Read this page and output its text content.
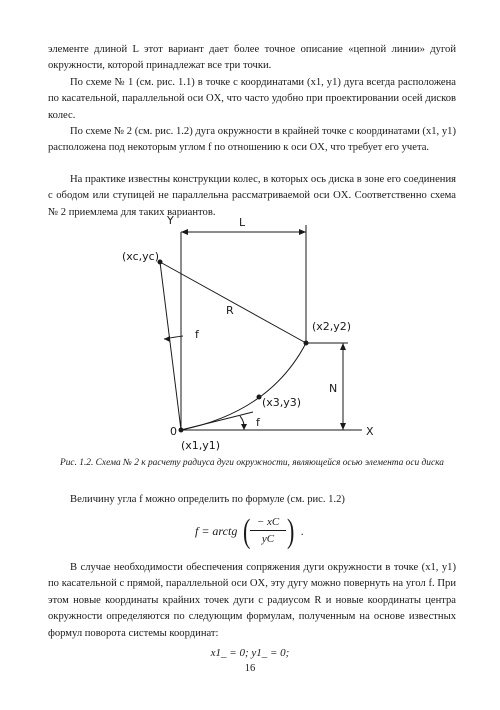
элементе длиной L этот вариант дает более точное описание «цепной линии» дугой окружности, которой принадлежат все три точки.

По схеме № 1 (см. рис. 1.1) в точке с координатами (x1, y1) дуга всегда расположена по касательной, параллельной оси OX, что часто удобно при проектировании осей дисков колес.

По схеме № 2 (см. рис. 1.2) дуга окружности в крайней точке с координатами (x1, y1) расположена под некоторым углом f по отношению к оси OX, что требует его учета.

На практике известны конструкции колес, в которых ось диска в зоне его соединения с ободом или ступицей не параллельна рассматриваемой оси OX. Соответственно схема № 2 приемлема для таких вариантов.

Y	L
(xc,yc)
R
f
(x2,y2)
N
(x3,y3)
f
0	X
(x1,y1)

Рис. 1.2. Схема № 2 к расчету радиуса дуги окружности, являющейся осью элемента оси диска

Величину угла f можно определить по формуле (см. рис. 1.2)

f = arctg ( − xC
yC ) .

В случае необходимости обеспечения сопряжения дуги окружности в точке (x1, y1) по касательной с прямой, параллельной оси OX, эту дугу можно повернуть на угол f. При этом новые координаты крайних точек дуги с радиусом R и новые координаты центра окружности определяются по следующим формулам, полученным на основе известных формул поворота системы координат:

x1_ = 0; y1_ = 0;
16
